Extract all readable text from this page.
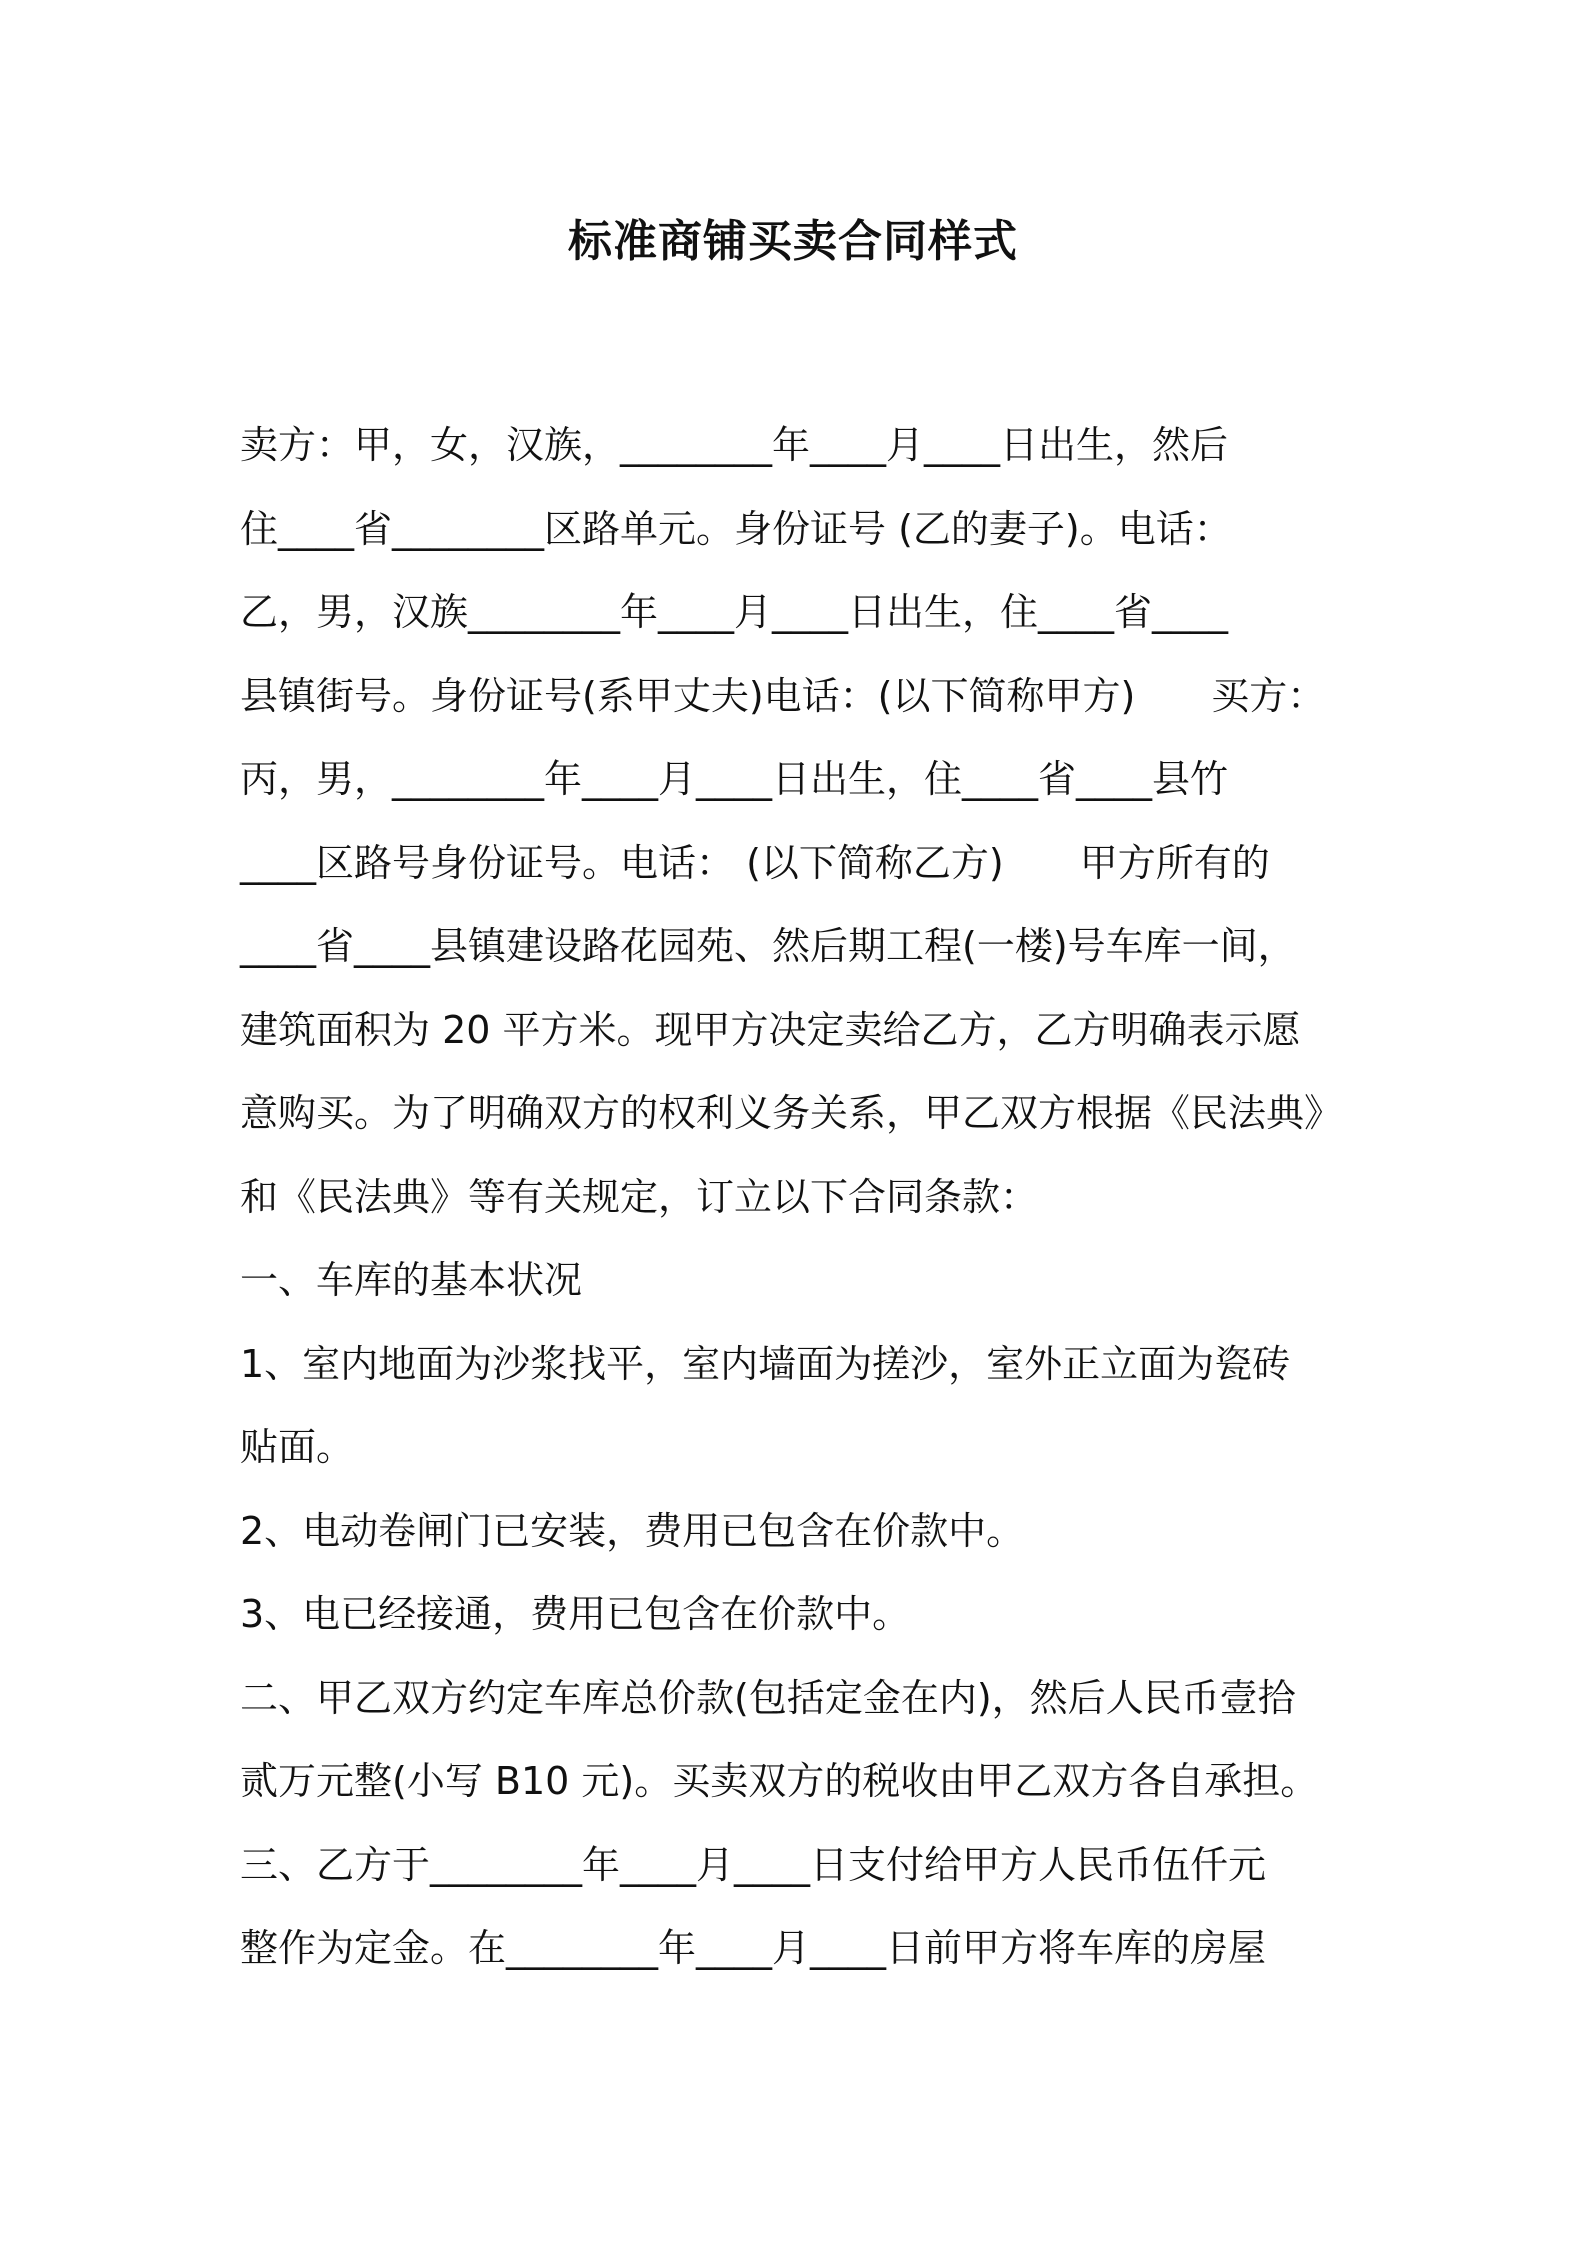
标准商铺买卖合同样式
卖方：甲，女，汉族，________年____月____日出生，然后
住____省________区路单元。身份证号 (乙的妻子)。电话：
乙，男，汉族________年____月____日出生，住____省____
县镇街号。身份证号(系甲丈夫)电话：(以下简称甲方)　　买方：
丙，男，________年____月____日出生，住____省____县竹
____区路号身份证号。电话： (以下简称乙方)　　甲方所有的
____省____县镇建设路花园苑、然后期工程(一楼)号车库一间，
建筑面积为 20 平方米。现甲方决定卖给乙方，乙方明确表示愿
意购买。为了明确双方的权利义务关系，甲乙双方根据《民法典》
和《民法典》等有关规定，订立以下合同条款：
一、车库的基本状况
1、室内地面为沙浆找平，室内墙面为搓沙，室外正立面为瓷砖
贴面。
2、电动卷闸门已安装，费用已包含在价款中。
3、电已经接通，费用已包含在价款中。
二、甲乙双方约定车库总价款(包括定金在内)，然后人民币壹拾
贰万元整(小写 B10 元)。买卖双方的税收由甲乙双方各自承担。
三、乙方于________年____月____日支付给甲方人民币伍仟元
整作为定金。在________年____月____日前甲方将车库的房屋
